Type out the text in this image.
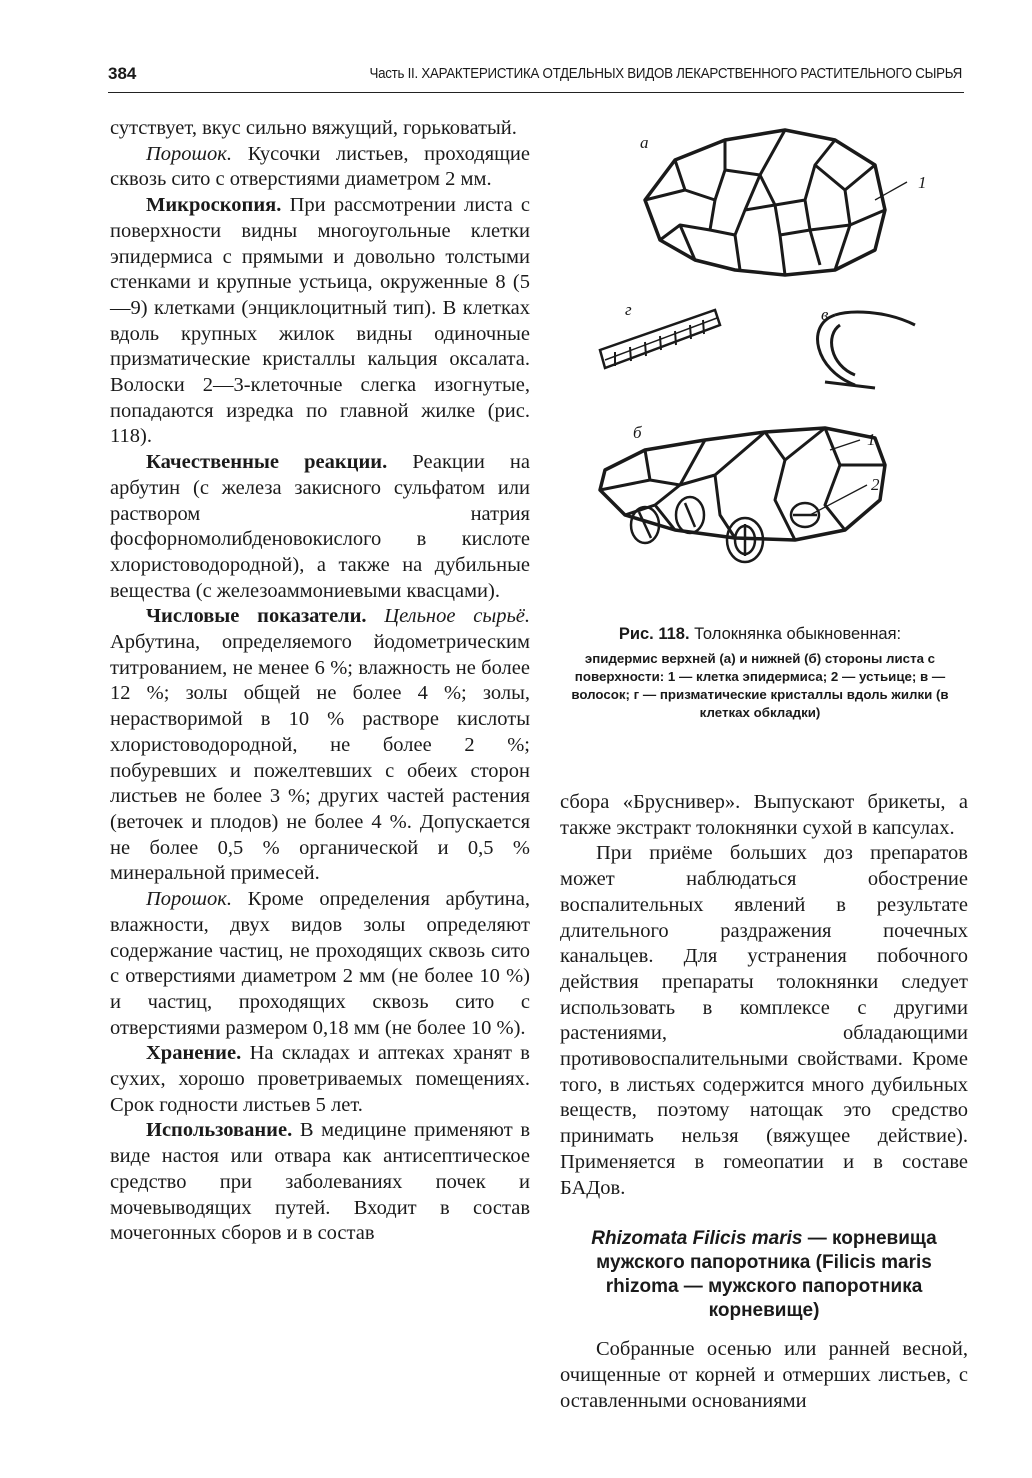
384	Часть II. ХАРАКТЕРИСТИКА ОТДЕЛЬНЫХ ВИДОВ ЛЕКАРСТВЕННОГО РАСТИТЕЛЬНОГО СЫРЬЯ

сутствует, вкус сильно вяжущий, горьковатый.

Порошок. Кусочки листьев, проходящие сквозь сито с отверстиями диаметром 2 мм.

Микроскопия. При рассмотрении листа с поверхности видны многоугольные клетки эпидермиса с прямыми и довольно толстыми стенками и крупные устьица, окруженные 8 (5—9) клетками (энциклоцитный тип). В клетках вдоль крупных жилок видны одиночные призматические кристаллы кальция оксалата. Волоски 2—3-клеточные слегка изогнутые, попадаются изредка по главной жилке (рис. 118).

Качественные реакции. Реакции на арбутин (с железа закисного сульфатом или раствором натрия фосфорномолибденовокислого в кислоте хлористоводородной), а также на дубильные вещества (с железоаммониевыми квасцами).

Числовые показатели. Цельное сырьё. Арбутина, определяемого йодометрическим титрованием, не менее 6 %; влажность не более 12 %; золы общей не более 4 %; золы, нерастворимой в 10 % растворе кислоты хлористоводородной, не более 2 %; побуревших и пожелтевших с обеих сторон листьев не более 3 %; других частей растения (веточек и плодов) не более 4 %. Допускается не более 0,5 % органической и 0,5 % минеральной примесей.

Порошок. Кроме определения арбутина, влажности, двух видов золы определяют содержание частиц, не проходящих сквозь сито с отверстиями диаметром 2 мм (не более 10 %) и частиц, проходящих сквозь сито с отверстиями размером 0,18 мм (не более 10 %).

Хранение. На складах и аптеках хранят в сухих, хорошо проветриваемых помещениях. Срок годности листьев 5 лет.

Использование. В медицине применяют в виде настоя или отвара как антисептическое средство при заболеваниях почек и мочевыводящих путей. Входит в состав мочегонных сборов и в состав

а
1
г	в
б	1
2
Рис. 118. Толокнянка обыкновенная:
эпидермис верхней (а) и нижней (б) стороны листа с поверхности: 1 — клетка эпидермиса; 2 — устьице; в — волосок; г — призматические кристаллы вдоль жилки (в клетках обкладки)

сбора «Бруснивер». Выпускают брикеты, а также экстракт толокнянки сухой в капсулах.

При приёме больших доз препаратов может наблюдаться обострение воспалительных явлений в результате длительного раздражения почечных канальцев. Для устранения побочного действия препараты толокнянки следует использовать в комплексе с другими растениями, обладающими противовоспалительными свойствами. Кроме того, в листьях содержится много дубильных веществ, поэтому натощак это средство принимать нельзя (вяжущее действие). Применяется в гомеопатии и в составе БАДов.

Rhizomata Filicis maris — корневища мужского папоротника (Filicis maris rhizoma — мужского папоротника корневище)

Собранные осенью или ранней весной, очищенные от корней и отмерших листьев, с оставленными основаниями
